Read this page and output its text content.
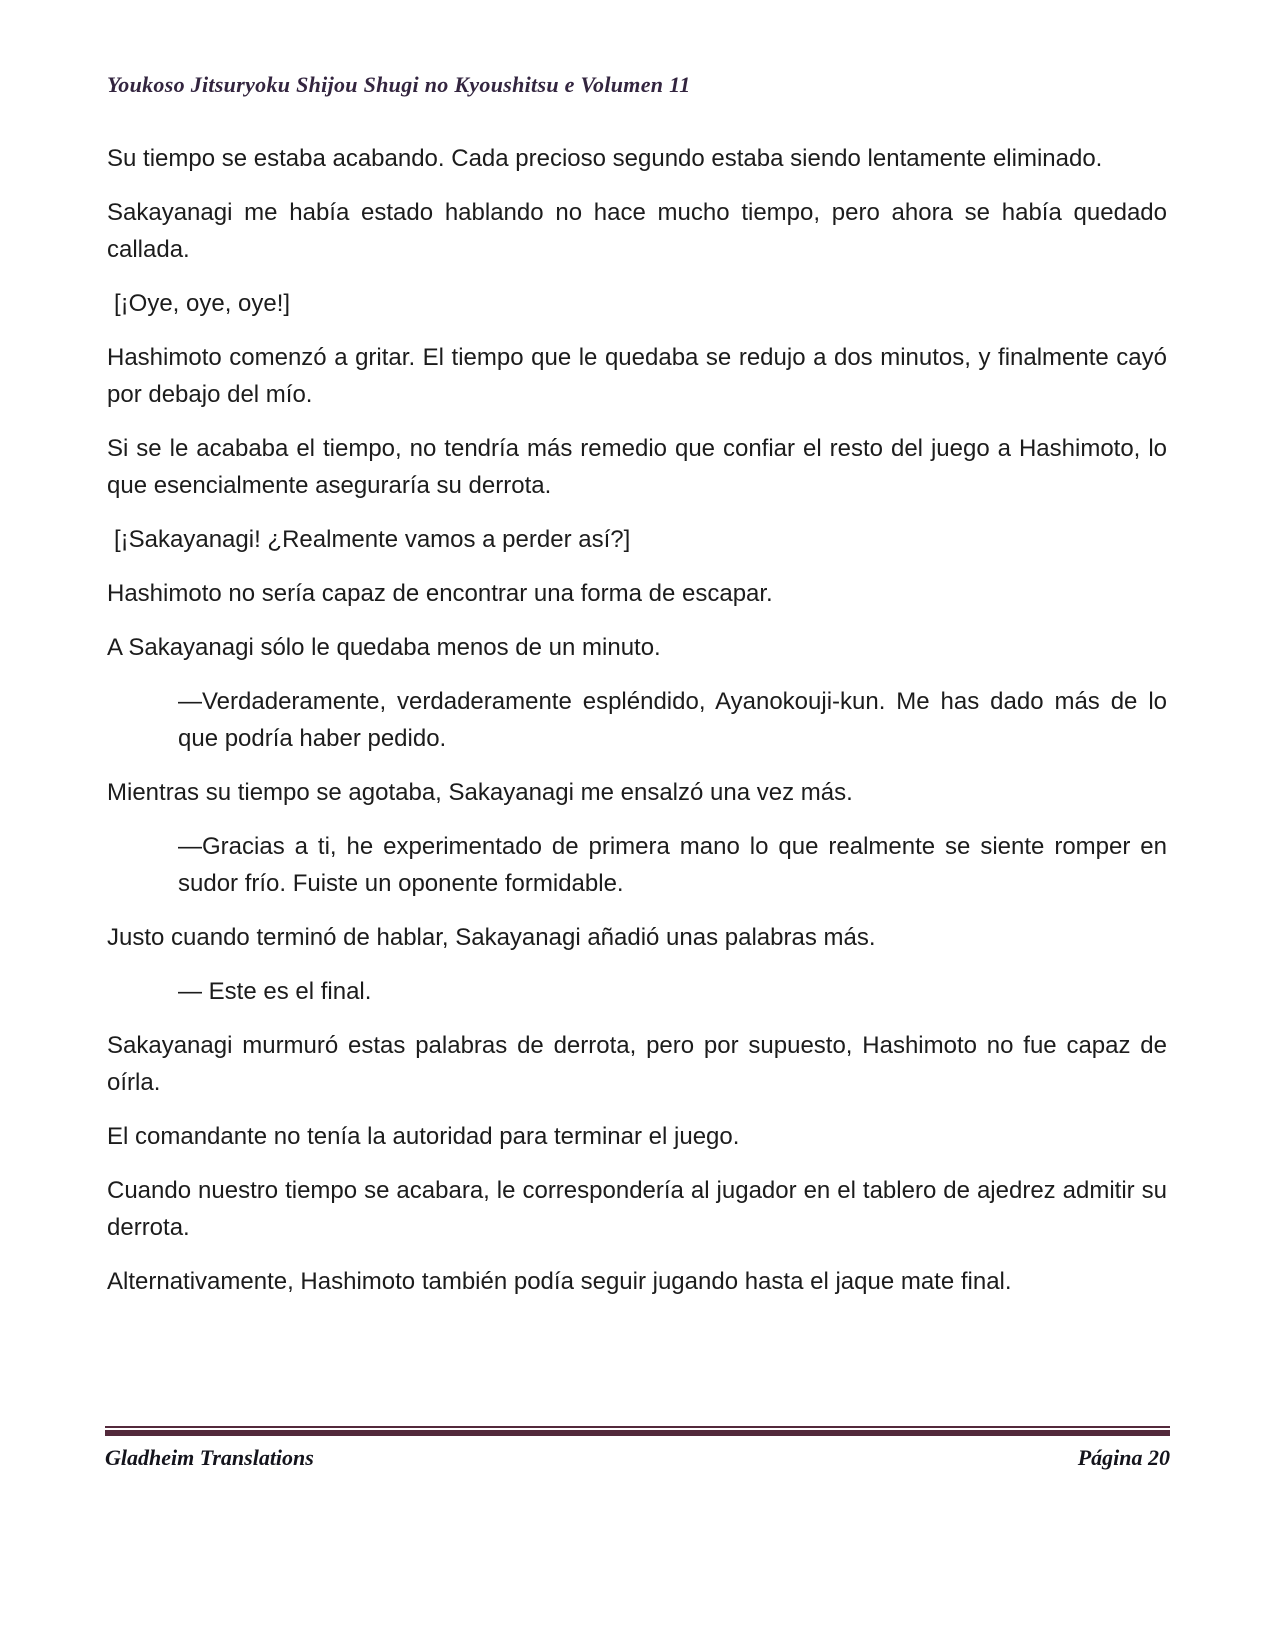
Youkoso Jitsuryoku Shijou Shugi no Kyoushitsu e Volumen 11

Su tiempo se estaba acabando. Cada precioso segundo estaba siendo lentamente eliminado.

Sakayanagi me había estado hablando no hace mucho tiempo, pero ahora se había quedado callada.

[¡Oye, oye, oye!]

Hashimoto comenzó a gritar. El tiempo que le quedaba se redujo a dos minutos, y finalmente cayó por debajo del mío.

Si se le acababa el tiempo, no tendría más remedio que confiar el resto del juego a Hashimoto, lo que esencialmente aseguraría su derrota.

[¡Sakayanagi! ¿Realmente vamos a perder así?]

Hashimoto no sería capaz de encontrar una forma de escapar.

A Sakayanagi sólo le quedaba menos de un minuto.

—Verdaderamente, verdaderamente espléndido, Ayanokouji-kun. Me has dado más de lo que podría haber pedido.

Mientras su tiempo se agotaba, Sakayanagi me ensalzó una vez más.

—Gracias a ti, he experimentado de primera mano lo que realmente se siente romper en sudor frío. Fuiste un oponente formidable.

Justo cuando terminó de hablar, Sakayanagi añadió unas palabras más.

— Este es el final.

Sakayanagi murmuró estas palabras de derrota, pero por supuesto, Hashimoto no fue capaz de oírla.

El comandante no tenía la autoridad para terminar el juego.

Cuando nuestro tiempo se acabara, le correspondería al jugador en el tablero de ajedrez admitir su derrota.

Alternativamente, Hashimoto también podía seguir jugando hasta el jaque mate final.

Gladheim Translations	Página 20
